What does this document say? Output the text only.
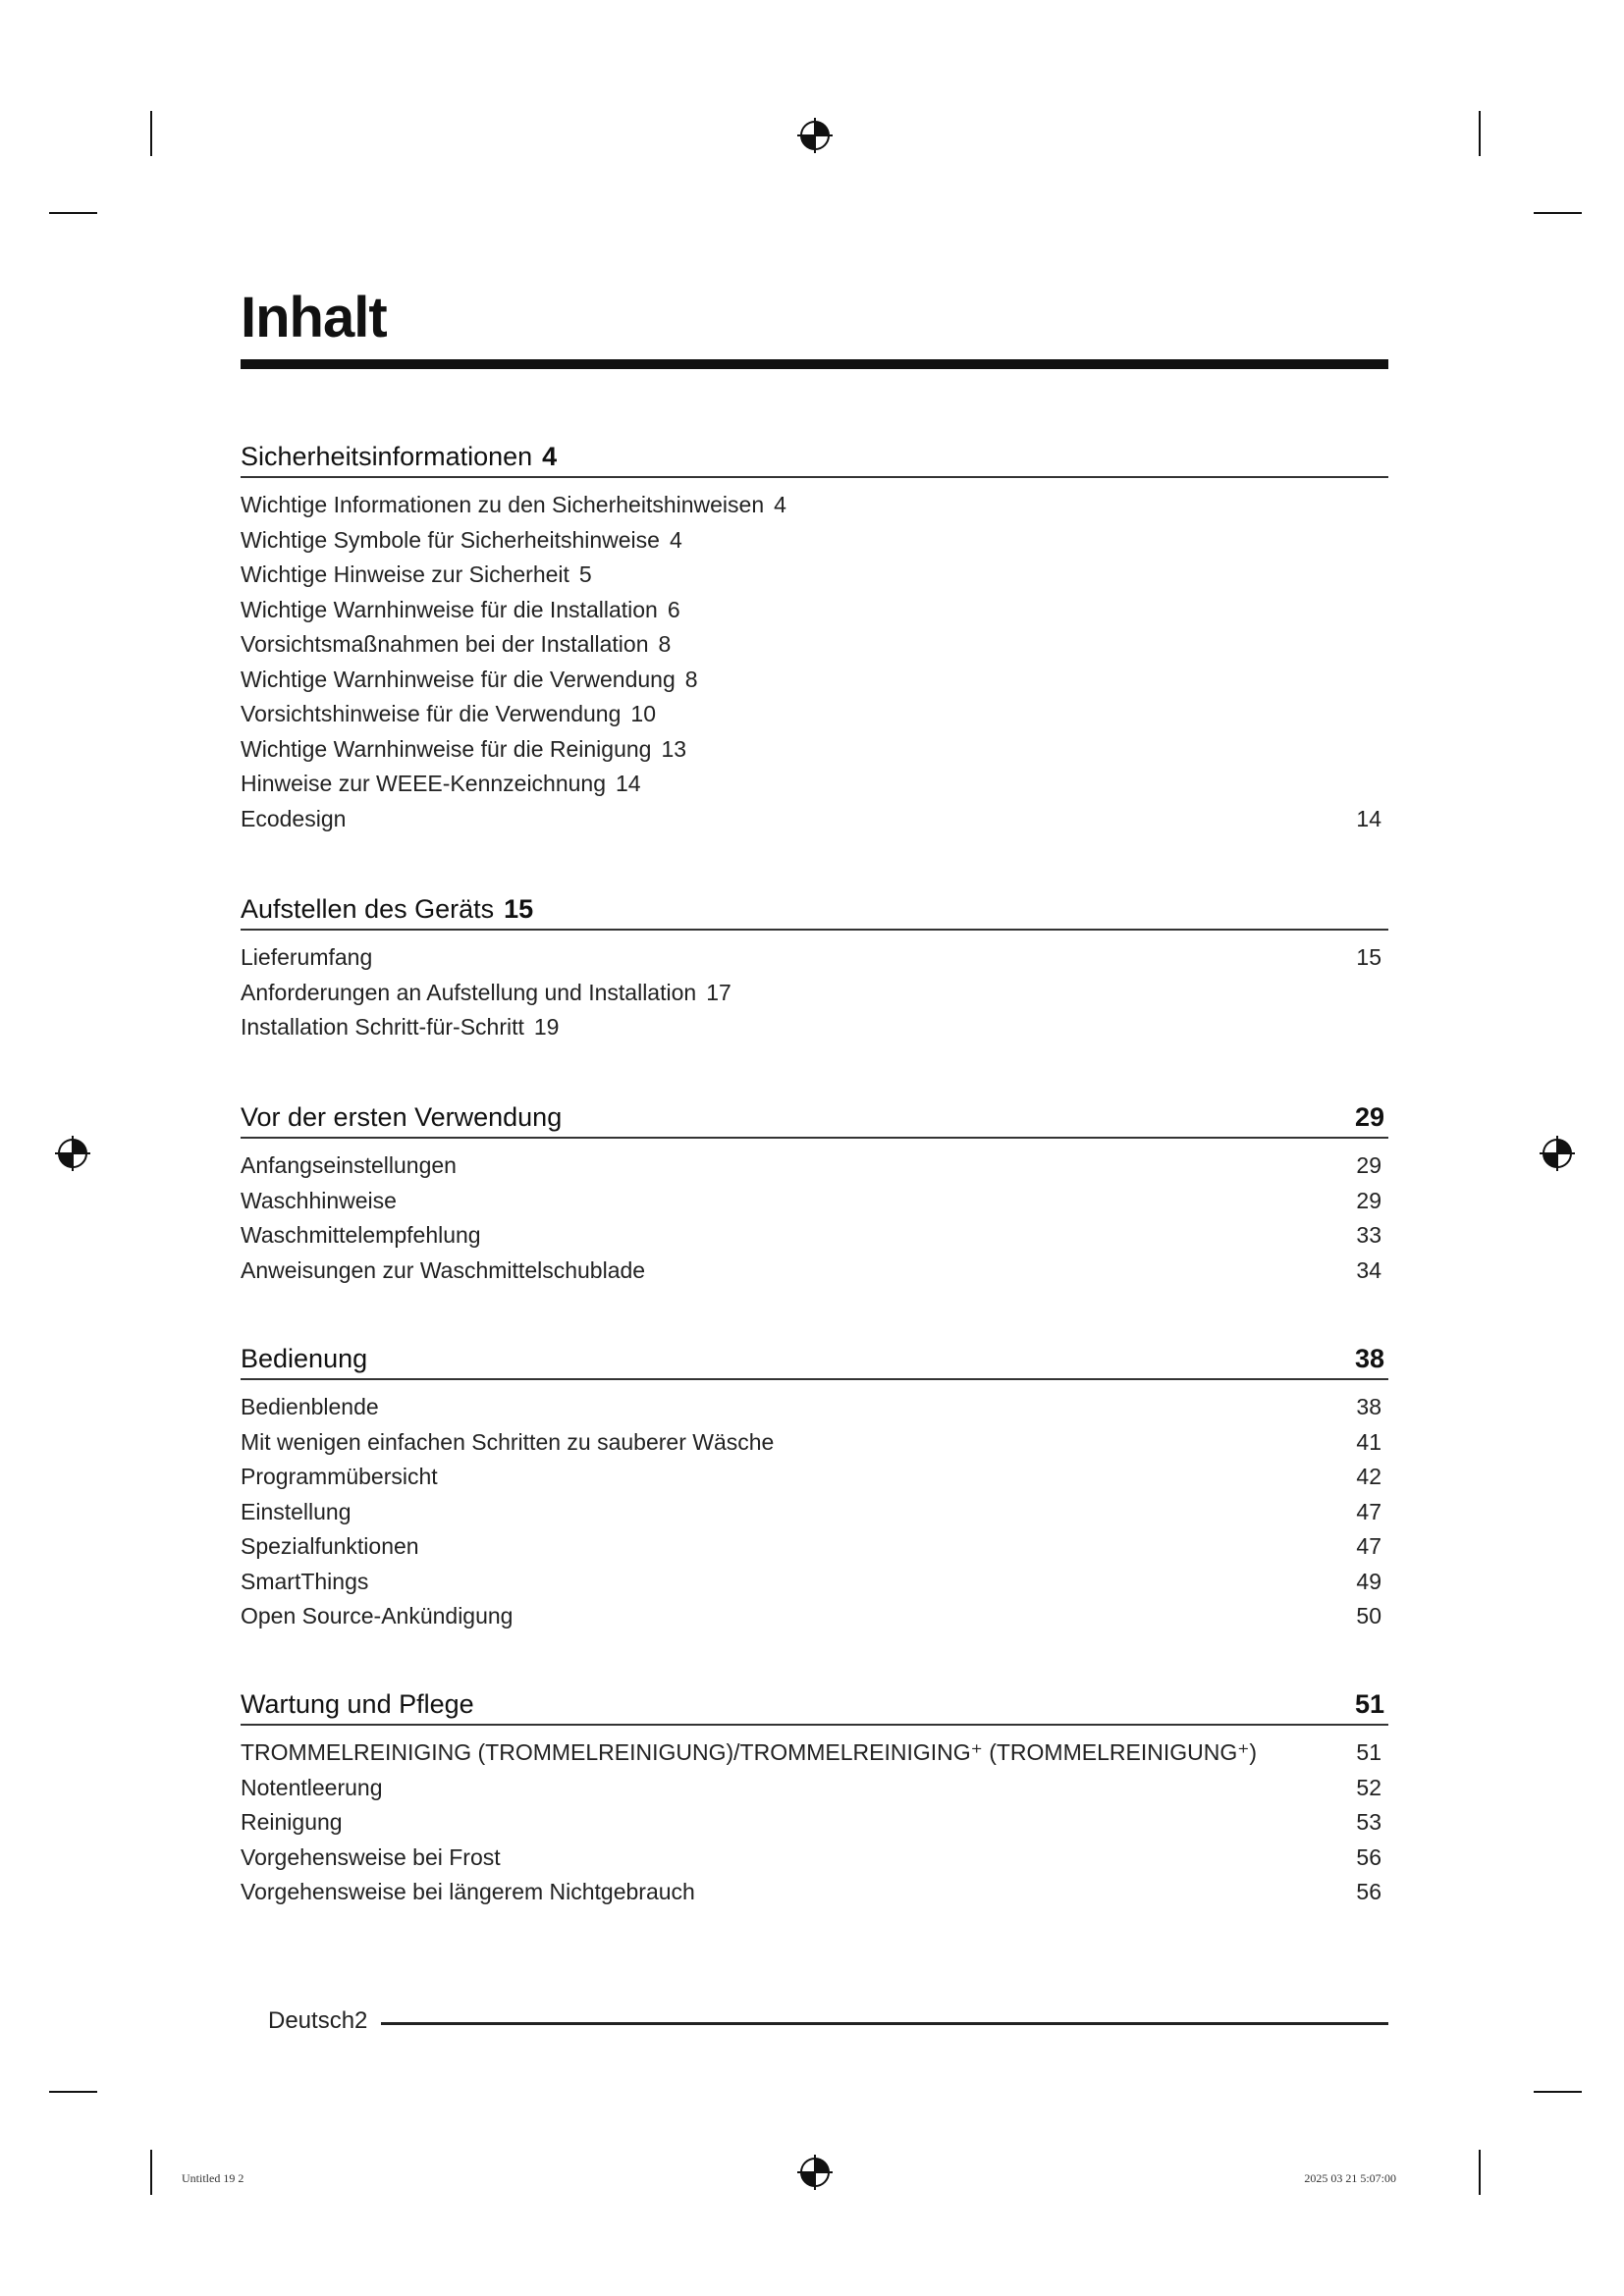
Inhalt
Sicherheitsinformationen 4
Wichtige Informationen zu den Sicherheitshinweisen 4
Wichtige Symbole für Sicherheitshinweise 4
Wichtige Hinweise zur Sicherheit 5
Wichtige Warnhinweise für die Installation 6
Vorsichtsmaßnahmen bei der Installation 8
Wichtige Warnhinweise für die Verwendung 8
Vorsichtshinweise für die Verwendung 10
Wichtige Warnhinweise für die Reinigung 13
Hinweise zur WEEE-Kennzeichnung 14
Ecodesign	14
Aufstellen des Geräts 15
Lieferumfang	15
Anforderungen an Aufstellung und Installation 17
Installation Schritt-für-Schritt 19
Vor der ersten Verwendung	29
Anfangseinstellungen	29
Waschhinweise	29
Waschmittelempfehlung	33
Anweisungen zur Waschmittelschublade	34
Bedienung	38
Bedienblende	38
Mit wenigen einfachen Schritten zu sauberer Wäsche	41
Programmübersicht	42
Einstellung	47
Spezialfunktionen	47
SmartThings	49
Open Source-Ankündigung	50
Wartung und Pflege	51
TROMMELREINIGING (TROMMELREINIGUNG)/TROMMELREINIGING⁺ (TROMMELREINIGUNG⁺)	51
Notentleerung	52
Reinigung	53
Vorgehensweise bei Frost	56
Vorgehensweise bei längerem Nichtgebrauch	56
Deutsch2
Untitled 19 2	2025 03 21 5:07:00
